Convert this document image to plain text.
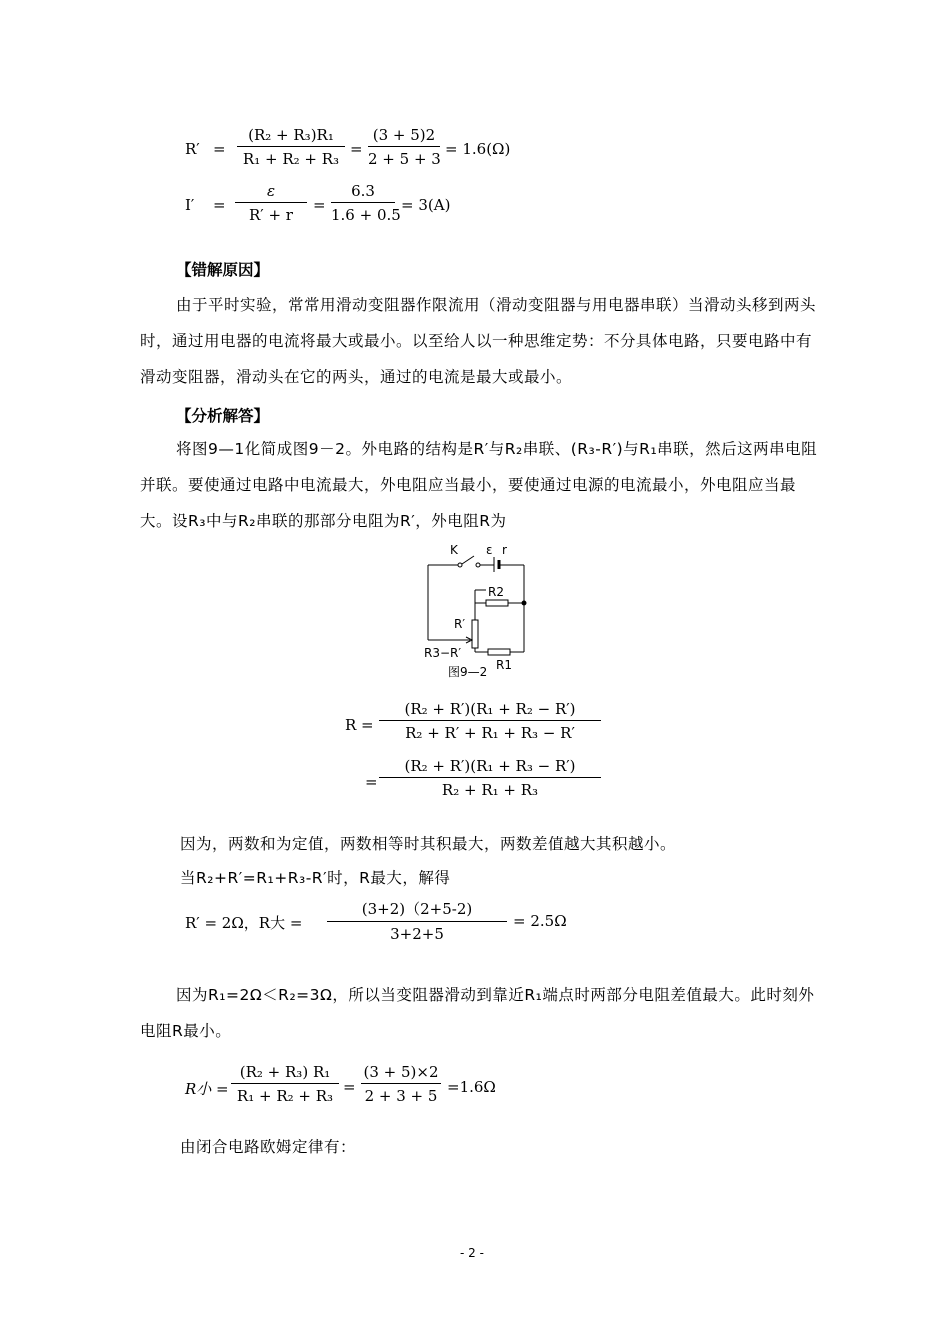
R′ =
(R₂ + R₃)R₁
R₁ + R₂ + R₃
=
(3 + 5)2
2 + 5 + 3
= 1.6(Ω)
I′ =
ε
R′ + r
=
6.3
1.6 + 0.5
= 3(A)
【错解原因】
由于平时实验，常常用滑动变阻器作限流用（滑动变阻器与用电器串联）当滑动头移到两头时，通过用电器的电流将最大或最小。以至给人以一种思维定势：不分具体电路，只要电路中有滑动变阻器，滑动头在它的两头，通过的电流是最大或最小。
【分析解答】
将图9—1化简成图9－2。外电路的结构是R′与R₂串联、(R₃-R′)与R₁串联，然后这两串电阻并联。要使通过电路中电流最大，外电阻应当最小，要使通过电源的电流最小，外电阻应当最大。设R₃中与R₂串联的那部分电阻为R′，外电阻R为
K ε r
R2
R′
R3−R′
R1
图9—2
R =
(R₂ + R′)(R₁ + R₂ − R′)
R₂ + R′ + R₁ + R₃ − R′
=
(R₂ + R′)(R₁ + R₃ − R′)
R₂ + R₁ + R₃
因为，两数和为定值，两数相等时其积最大，两数差值越大其积越小。
当R₂+R′=R₁+R₃-R′时，R最大，解得
R′ = 2Ω，R大 =
(3+2)（2+5-2)
3+2+5
= 2.5Ω
因为R₁=2Ω＜R₂=3Ω，所以当变阻器滑动到靠近R₁端点时两部分电阻差值最大。此时刻外电阻R最小。
R小 =
(R₂ + R₃) R₁
R₁ + R₂ + R₃ =
(3 + 5)×2
2 + 3 + 5 =1.6Ω
由闭合电路欧姆定律有：
- 2 -
